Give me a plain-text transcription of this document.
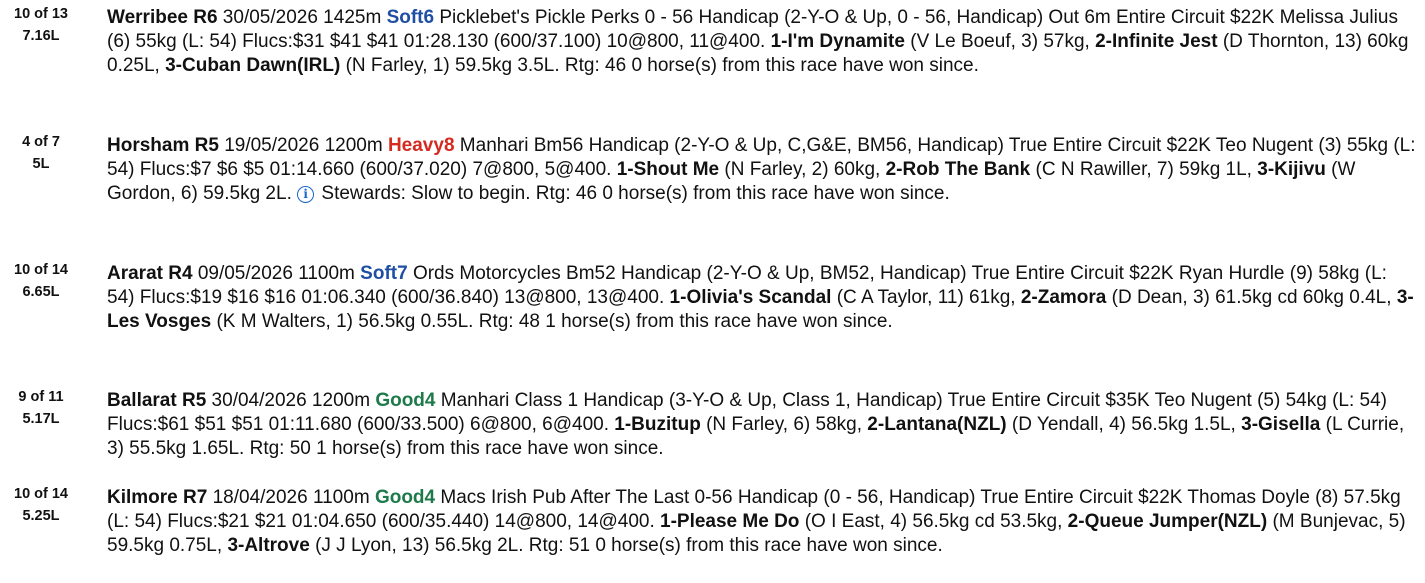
10 of 13
7.16L
Werribee R6 30/05/2026 1425m Soft6 Picklebet's Pickle Perks 0 - 56 Handicap (2-Y-O & Up, 0 - 56, Handicap) Out 6m Entire Circuit $22K Melissa Julius (6) 55kg (L: 54) Flucs:$31 $41 $41 01:28.130 (600/37.100) 10@800, 11@400. 1-I'm Dynamite (V Le Boeuf, 3) 57kg, 2-Infinite Jest (D Thornton, 13) 60kg 0.25L, 3-Cuban Dawn(IRL) (N Farley, 1) 59.5kg 3.5L. Rtg: 46 0 horse(s) from this race have won since.
4 of 7
5L
Horsham R5 19/05/2026 1200m Heavy8 Manhari Bm56 Handicap (2-Y-O & Up, C,G&E, BM56, Handicap) True Entire Circuit $22K Teo Nugent (3) 55kg (L: 54) Flucs:$7 $6 $5 01:14.660 (600/37.020) 7@800, 5@400. 1-Shout Me (N Farley, 2) 60kg, 2-Rob The Bank (C N Rawiller, 7) 59kg 1L, 3-Kijivu (W Gordon, 6) 59.5kg 2L. i Stewards: Slow to begin. Rtg: 46 0 horse(s) from this race have won since.
10 of 14
6.65L
Ararat R4 09/05/2026 1100m Soft7 Ords Motorcycles Bm52 Handicap (2-Y-O & Up, BM52, Handicap) True Entire Circuit $22K Ryan Hurdle (9) 58kg (L: 54) Flucs:$19 $16 $16 01:06.340 (600/36.840) 13@800, 13@400. 1-Olivia's Scandal (C A Taylor, 11) 61kg, 2-Zamora (D Dean, 3) 61.5kg cd 60kg 0.4L, 3-Les Vosges (K M Walters, 1) 56.5kg 0.55L. Rtg: 48 1 horse(s) from this race have won since.
9 of 11
5.17L
Ballarat R5 30/04/2026 1200m Good4 Manhari Class 1 Handicap (3-Y-O & Up, Class 1, Handicap) True Entire Circuit $35K Teo Nugent (5) 54kg (L: 54) Flucs:$61 $51 $51 01:11.680 (600/33.500) 6@800, 6@400. 1-Buzitup (N Farley, 6) 58kg, 2-Lantana(NZL) (D Yendall, 4) 56.5kg 1.5L, 3-Gisella (L Currie, 3) 55.5kg 1.65L. Rtg: 50 1 horse(s) from this race have won since.
10 of 14
5.25L
Kilmore R7 18/04/2026 1100m Good4 Macs Irish Pub After The Last 0-56 Handicap (0 - 56, Handicap) True Entire Circuit $22K Thomas Doyle (8) 57.5kg (L: 54) Flucs:$21 $21 01:04.650 (600/35.440) 14@800, 14@400. 1-Please Me Do (O I East, 4) 56.5kg cd 53.5kg, 2-Queue Jumper(NZL) (M Bunjevac, 5) 59.5kg 0.75L, 3-Altrove (J J Lyon, 13) 56.5kg 2L. Rtg: 51 0 horse(s) from this race have won since.
